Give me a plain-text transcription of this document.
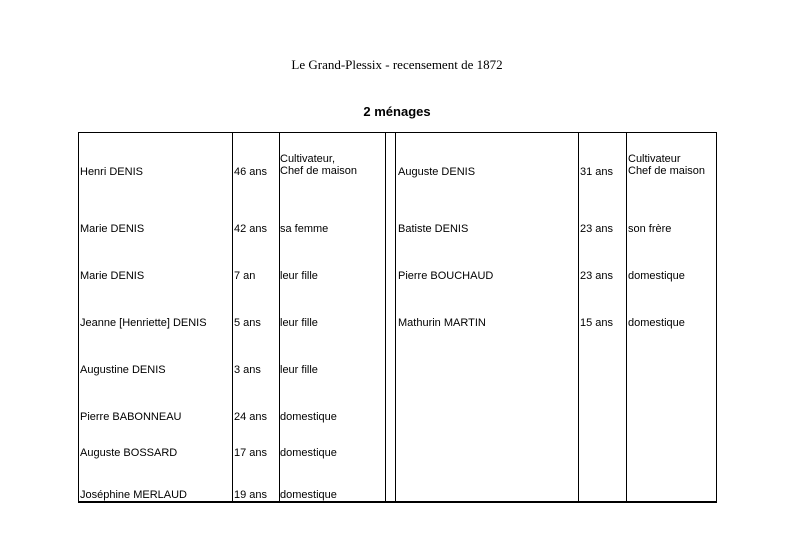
Le Grand-Plessix - recensement de 1872
2 ménages
Henri DENIS	46 ans
Cultivateur,
Chef de maison
Marie DENIS	42 ans sa femme
Marie DENIS	7 an leur fille
Jeanne [Henriette] DENIS 5 ans leur fille
Augustine DENIS	3 ans leur fille
Pierre BABONNEAU	24 ans domestique
Auguste BOSSARD	17 ans domestique
Joséphine MERLAUD	19 ans domestique
Auguste DENIS	31 ans
Cultivateur
Chef de maison
Batiste DENIS	23 ans son frère
Pierre BOUCHAUD	23 ans domestique
Mathurin MARTIN	15 ans domestique
